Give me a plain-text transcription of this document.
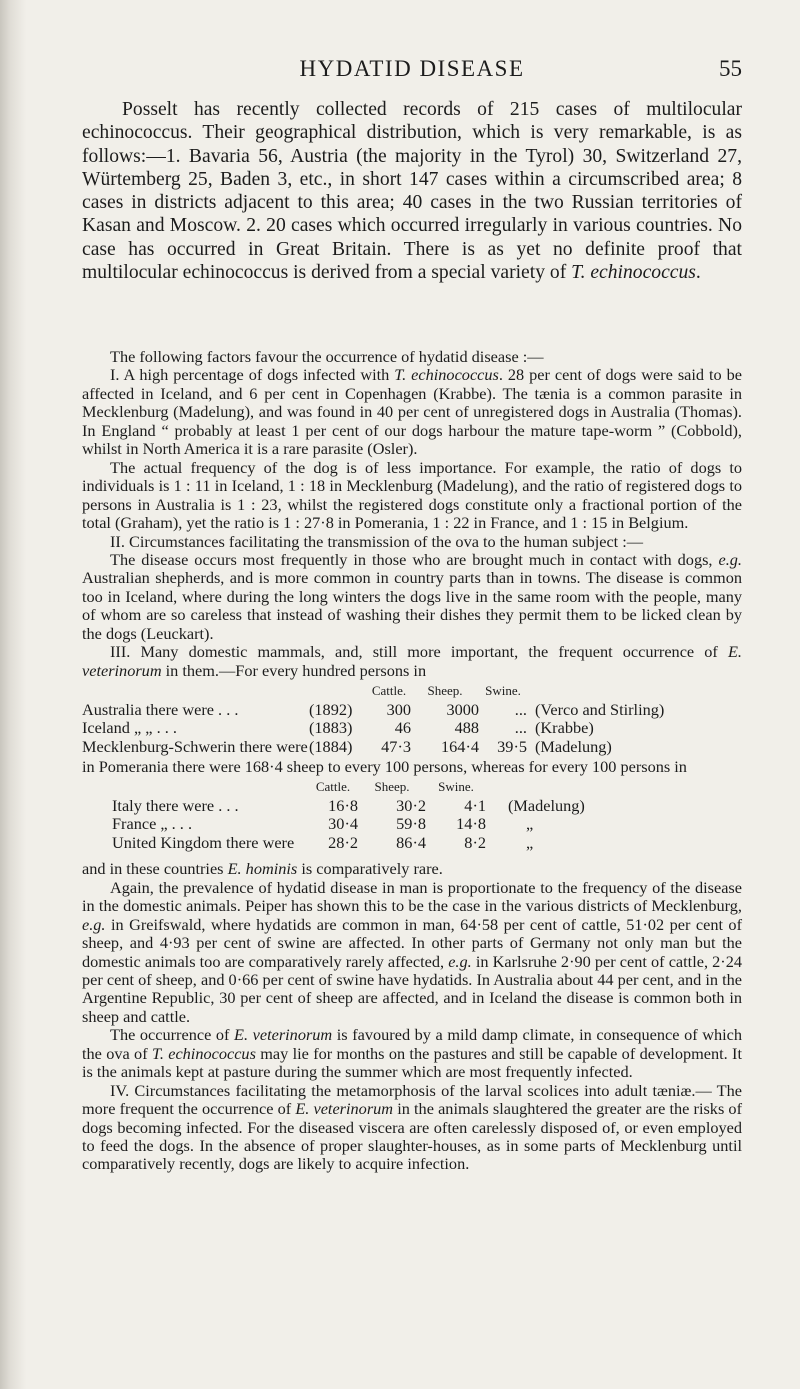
HYDATID DISEASE	55

Posselt has recently collected records of 215 cases of multilocular echinococcus. Their geographical distribution, which is very remarkable, is as follows:—1. Bavaria 56, Austria (the majority in the Tyrol) 30, Switzerland 27, Würtemberg 25, Baden 3, etc., in short 147 cases within a circumscribed area; 8 cases in districts adjacent to this area; 40 cases in the two Russian territories of Kasan and Moscow. 2. 20 cases which occurred irregularly in various countries. No case has occurred in Great Britain. There is as yet no definite proof that multilocular echinococcus is derived from a special variety of T. echinococcus.

The following factors favour the occurrence of hydatid disease :—

I. A high percentage of dogs infected with T. echinococcus. 28 per cent of dogs were said to be affected in Iceland, and 6 per cent in Copenhagen (Krabbe). The tænia is a common parasite in Mecklenburg (Madelung), and was found in 40 per cent of unregistered dogs in Australia (Thomas). In England “ probably at least 1 per cent of our dogs harbour the mature tape-worm ” (Cobbold), whilst in North America it is a rare parasite (Osler).

The actual frequency of the dog is of less importance. For example, the ratio of dogs to individuals is 1 : 11 in Iceland, 1 : 18 in Mecklenburg (Madelung), and the ratio of registered dogs to persons in Australia is 1 : 23, whilst the registered dogs constitute only a fractional portion of the total (Graham), yet the ratio is 1 : 27·8 in Pomerania, 1 : 22 in France, and 1 : 15 in Belgium.

II. Circumstances facilitating the transmission of the ova to the human subject :—

The disease occurs most frequently in those who are brought much in contact with dogs, e.g. Australian shepherds, and is more common in country parts than in towns. The disease is common too in Iceland, where during the long winters the dogs live in the same room with the people, many of whom are so careless that instead of washing their dishes they permit them to be licked clean by the dogs (Leuckart).

III. Many domestic mammals, and, still more important, the frequent occurrence of E. veterinorum in them.—For every hundred persons in

		Cattle.	Sheep.	Swine.	
Australia there were . . .	(1892)	300	3000	...	(Verco and Stirling)
Iceland „ „ . . .	(1883)	46	488	...	(Krabbe)
Mecklenburg-Schwerin there were	(1884)	47·3	164·4	39·5	(Madelung)

in Pomerania there were 168·4 sheep to every 100 persons, whereas for every 100 persons in

	Cattle.	Sheep.	Swine.	
Italy there were . . .	16·8	30·2	4·1	(Madelung)
France „ . . .	30·4	59·8	14·8	„
United Kingdom there were	28·2	86·4	8·2	„

and in these countries E. hominis is comparatively rare.

Again, the prevalence of hydatid disease in man is proportionate to the frequency of the disease in the domestic animals. Peiper has shown this to be the case in the various districts of Mecklenburg, e.g. in Greifswald, where hydatids are common in man, 64·58 per cent of cattle, 51·02 per cent of sheep, and 4·93 per cent of swine are affected. In other parts of Germany not only man but the domestic animals too are comparatively rarely affected, e.g. in Karlsruhe 2·90 per cent of cattle, 2·24 per cent of sheep, and 0·66 per cent of swine have hydatids. In Australia about 44 per cent, and in the Argentine Republic, 30 per cent of sheep are affected, and in Iceland the disease is common both in sheep and cattle.

The occurrence of E. veterinorum is favoured by a mild damp climate, in consequence of which the ova of T. echinococcus may lie for months on the pastures and still be capable of development. It is the animals kept at pasture during the summer which are most frequently infected.

IV. Circumstances facilitating the metamorphosis of the larval scolices into adult tæniæ.— The more frequent the occurrence of E. veterinorum in the animals slaughtered the greater are the risks of dogs becoming infected. For the diseased viscera are often carelessly disposed of, or even employed to feed the dogs. In the absence of proper slaughter-houses, as in some parts of Mecklenburg until comparatively recently, dogs are likely to acquire infection.
